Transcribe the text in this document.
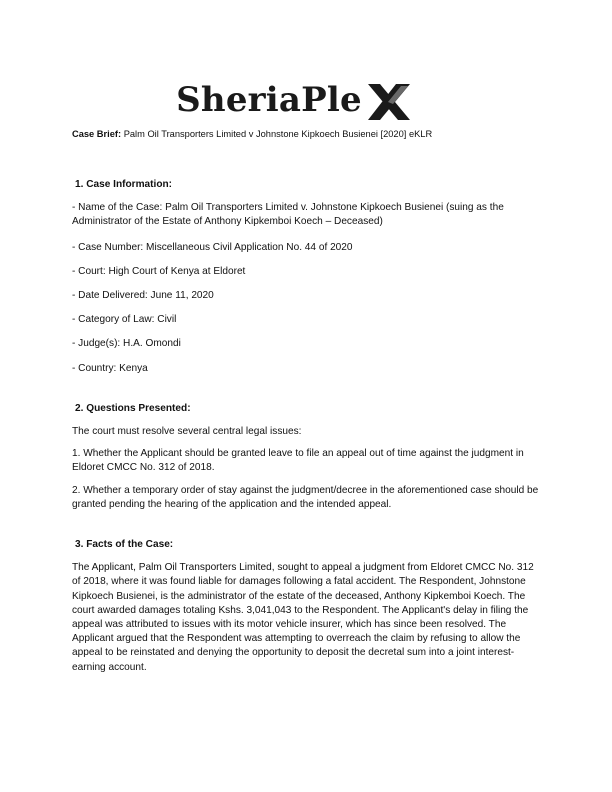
SheriaPle

Case Brief: Palm Oil Transporters Limited v Johnstone Kipkoech Busienei [2020] eKLR

1. Case Information:

- Name of the Case: Palm Oil Transporters Limited v. Johnstone Kipkoech Busienei (suing as the Administrator of the Estate of Anthony Kipkemboi Koech – Deceased)

- Case Number: Miscellaneous Civil Application No. 44 of 2020

- Court: High Court of Kenya at Eldoret

- Date Delivered: June 11, 2020

- Category of Law: Civil

- Judge(s): H.A. Omondi

- Country: Kenya

2. Questions Presented:

The court must resolve several central legal issues:

1. Whether the Applicant should be granted leave to file an appeal out of time against the judgment in Eldoret CMCC No. 312 of 2018.

2. Whether a temporary order of stay against the judgment/decree in the aforementioned case should be granted pending the hearing of the application and the intended appeal.

3. Facts of the Case:

The Applicant, Palm Oil Transporters Limited, sought to appeal a judgment from Eldoret CMCC No. 312 of 2018, where it was found liable for damages following a fatal accident. The Respondent, Johnstone Kipkoech Busienei, is the administrator of the estate of the deceased, Anthony Kipkemboi Koech. The court awarded damages totaling Kshs. 3,041,043 to the Respondent. The Applicant's delay in filing the appeal was attributed to issues with its motor vehicle insurer, which has since been resolved. The Applicant argued that the Respondent was attempting to overreach the claim by refusing to allow the appeal to be reinstated and denying the opportunity to deposit the decretal sum into a joint interest-earning account.
